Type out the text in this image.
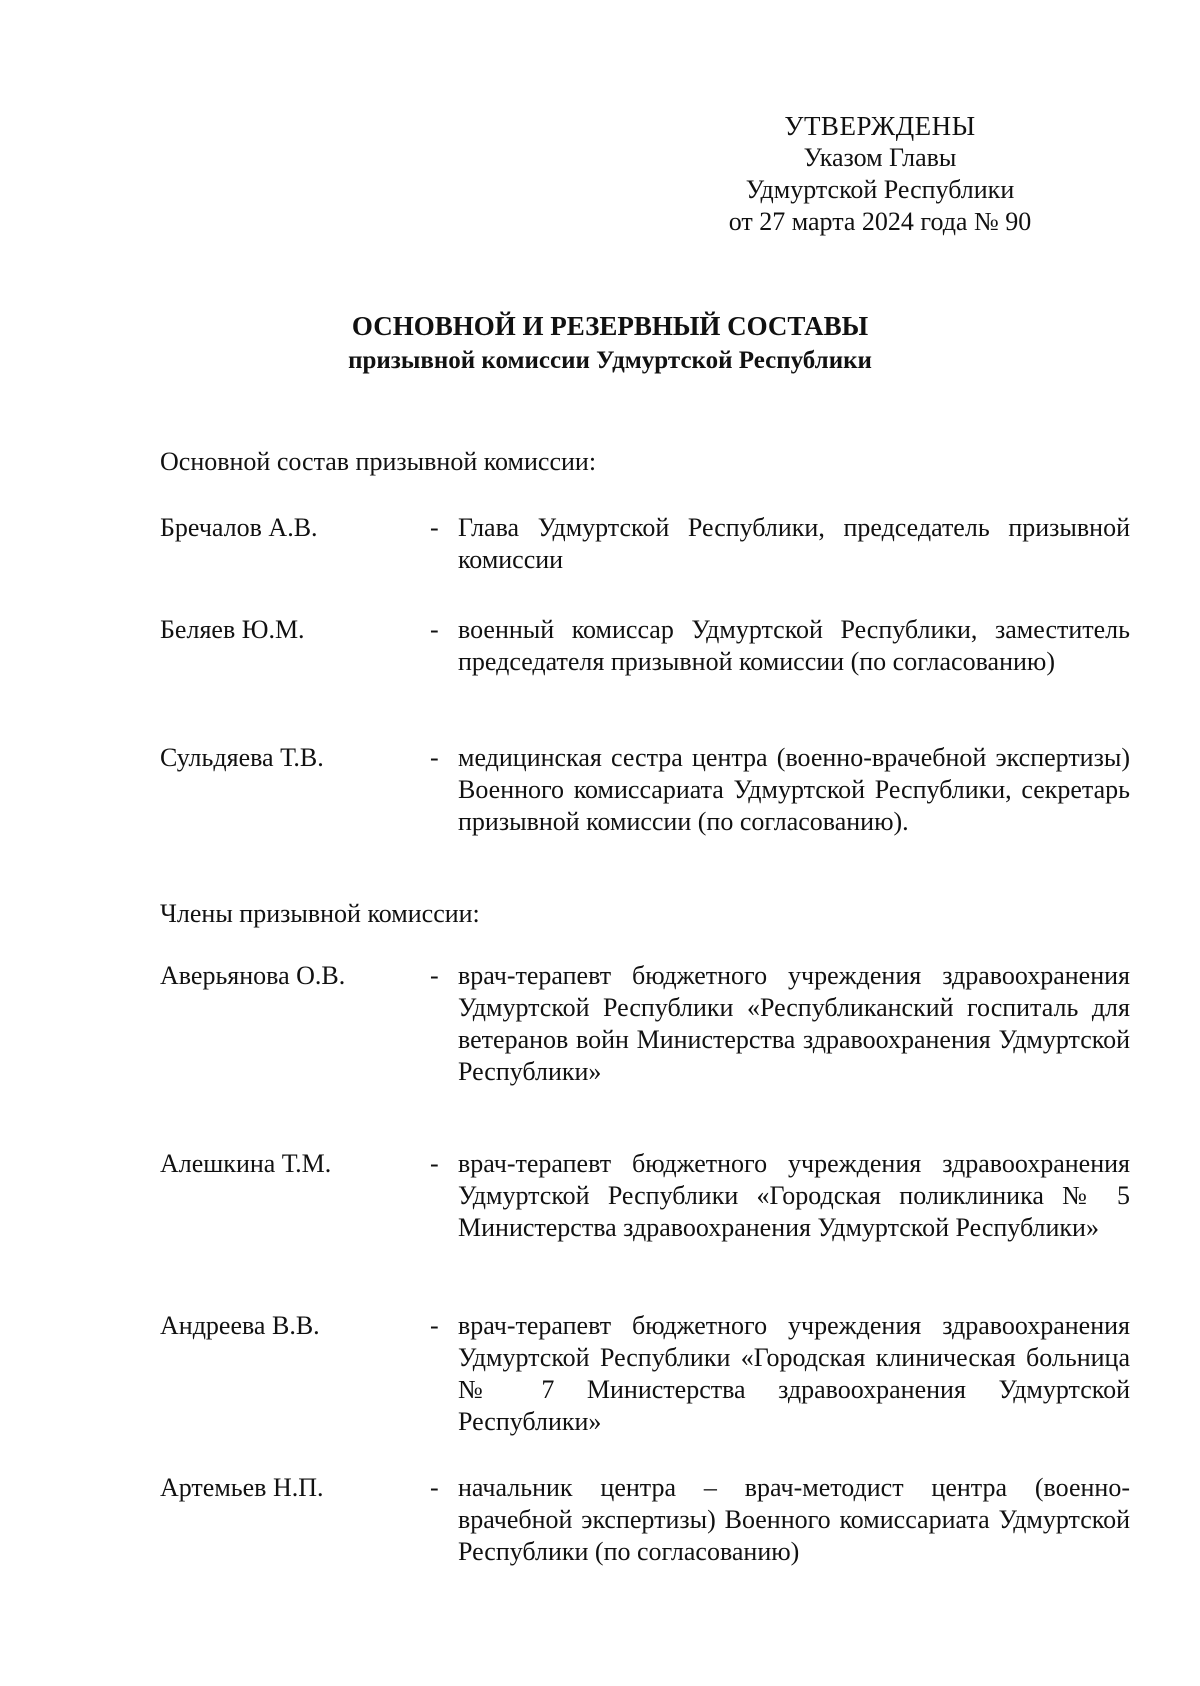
УТВЕРЖДЕНЫ
Указом Главы
Удмуртской Республики
от 27 марта 2024 года № 90
ОСНОВНОЙ И РЕЗЕРВНЫЙ СОСТАВЫ
призывной комиссии Удмуртской Республики
Основной состав призывной комиссии:
Бречалов А.В.	- Глава Удмуртской Республики, председатель призывной комиссии
Беляев Ю.М.	- военный комиссар Удмуртской Республики, заместитель председателя призывной комиссии (по согласованию)
Сульдяева Т.В.	- медицинская сестра центра (военно-врачебной экспертизы) Военного комиссариата Удмуртской Республики, секретарь призывной комиссии (по согласованию).
Члены призывной комиссии:
Аверьянова О.В.	- врач-терапевт бюджетного учреждения здравоохранения Удмуртской Республики «Республиканский госпиталь для ветеранов войн Министерства здравоохранения Удмуртской Республики»
Алешкина Т.М.	- врач-терапевт бюджетного учреждения здравоохранения Удмуртской Республики «Городская поликлиника № 5 Министерства здравоохранения Удмуртской Республики»
Андреева В.В.	- врач-терапевт бюджетного учреждения здравоохранения Удмуртской Республики «Городская клиническая больница № 7 Министерства здравоохранения Удмуртской Республики»
Артемьев Н.П.	- начальник центра – врач-методист центра (военно-врачебной экспертизы) Военного комиссариата Удмуртской Республики (по согласованию)
